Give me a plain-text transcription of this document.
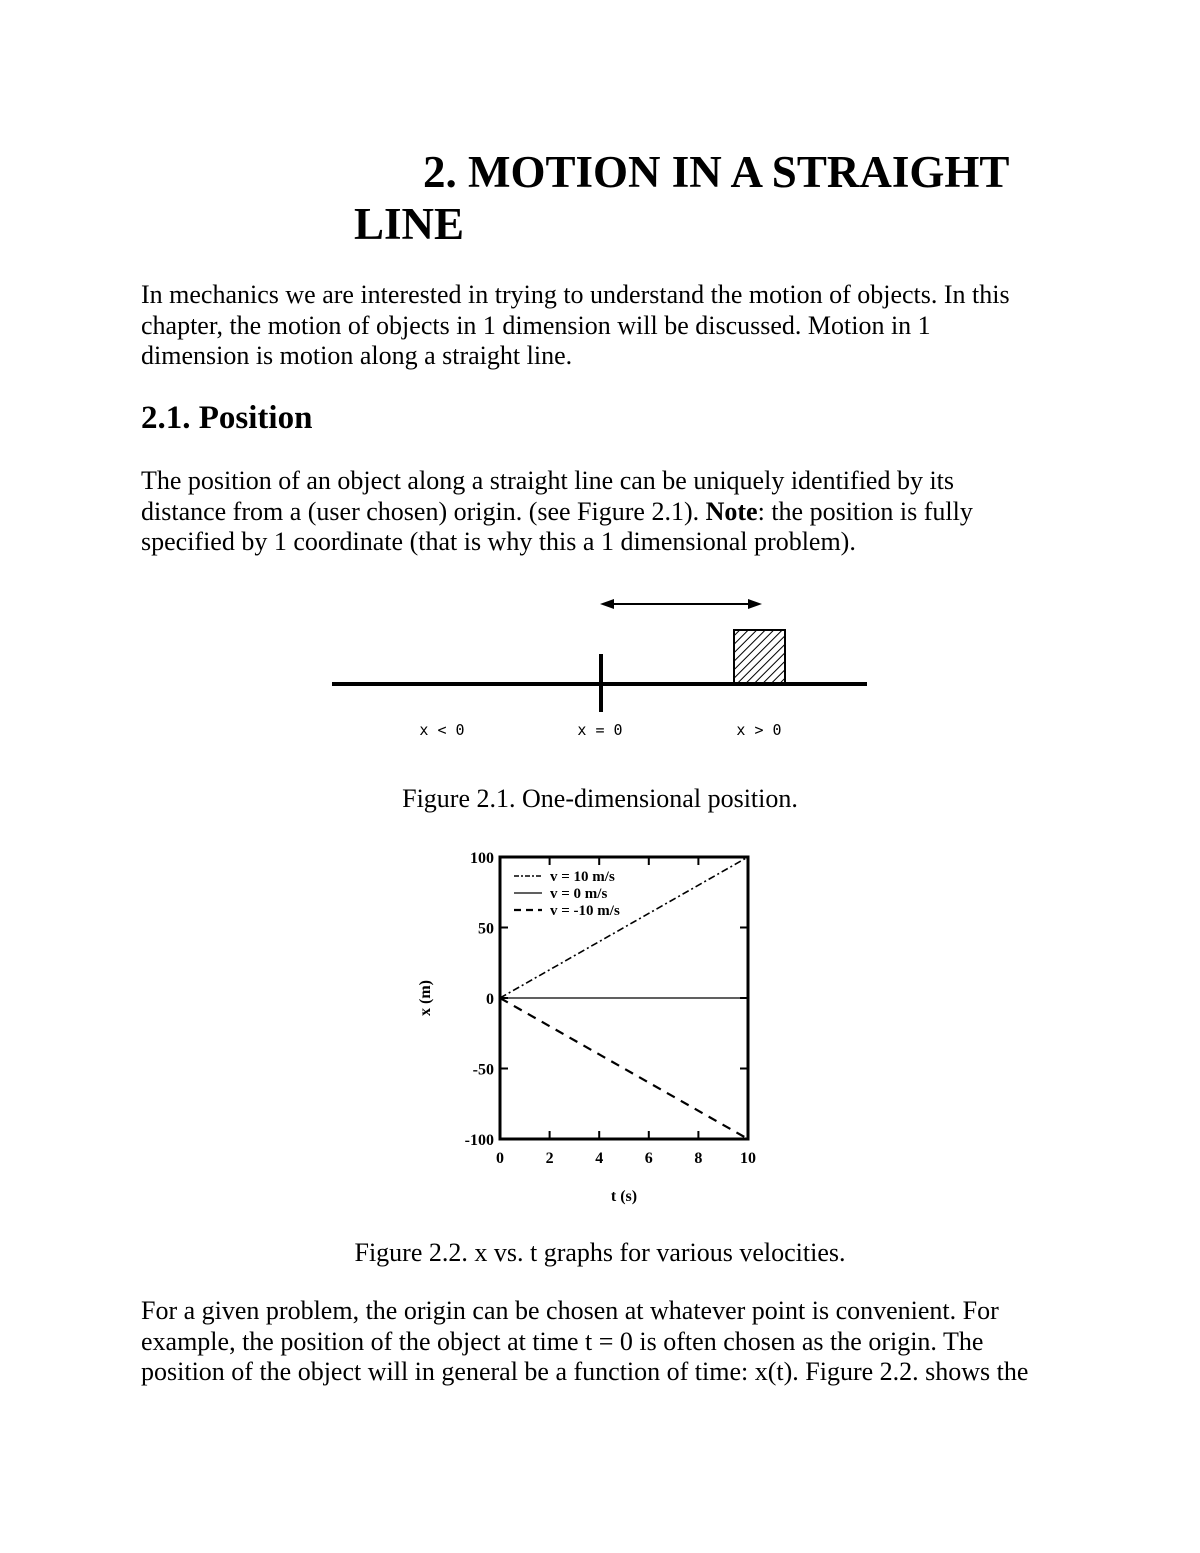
2. MOTION IN A STRAIGHT
LINE

In mechanics we are interested in trying to understand the motion of objects. In this

chapter, the motion of objects in 1 dimension will be discussed. Motion in 1

dimension is motion along a straight line.

2.1. Position

The position of an object along a straight line can be uniquely identified by its

distance from a (user chosen) origin. (see Figure 2.1). Note: the position is fully

specified by 1 coordinate (that is why this a 1 dimensional problem).

x < 0	x = 0	x > 0
Figure 2.1. One-dimensional position.
0	2	4	6	8 10
-100
-50
0
50
100
v = 10 m/s
v = 0 m/s
v = -10 m/s
t (s)
x (m)
Figure 2.2. x vs. t graphs for various velocities.

For a given problem, the origin can be chosen at whatever point is convenient. For

example, the position of the object at time t = 0 is often chosen as the origin. The

position of the object will in general be a function of time: x(t). Figure 2.2. shows the
